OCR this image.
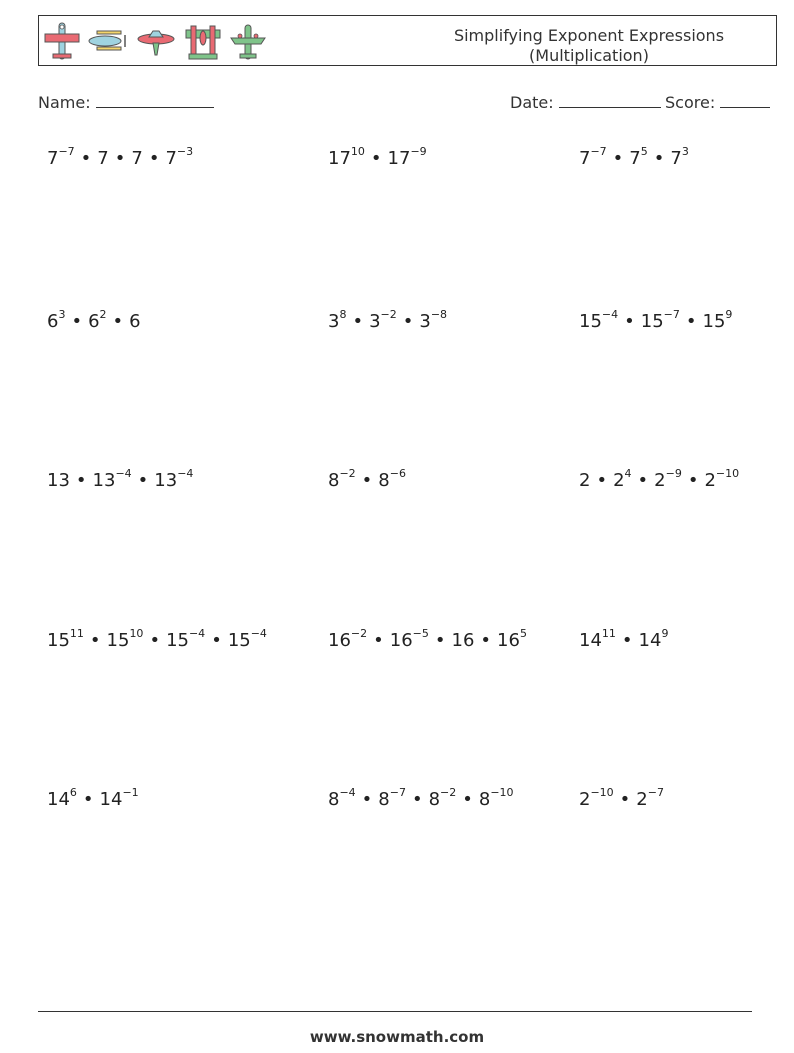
Simplifying Exponent Expressions
(Multiplication)
Name:	Date:	Score:
$7^{-7}$ • 7 • 7 • $7^{-3}$	$17^{10}$ • $17^{-9}$	$7^{-7}$ • $7^5$ • $7^3$
$6^3$ • $6^2$ • 6	$3^8$ • $3^{-2}$ • $3^{-8}$	$15^{-4}$ • $15^{-7}$ • $15^9$
13 • $13^{-4}$ • $13^{-4}$	$8^{-2}$ • $8^{-6}$	2 • $2^4$ • $2^{-9}$ • $2^{-10}$
$15^{11}$ • $15^{10}$ • $15^{-4}$ • $15^{-4}$	$16^{-2}$ • $16^{-5}$ • 16 • $16^5$	$14^{11}$ • $14^9$
$14^6$ • $14^{-1}$	$8^{-4}$ • $8^{-7}$ • $8^{-2}$ • $8^{-10}$	$2^{-10}$ • $2^{-7}$
www.snowmath.com
